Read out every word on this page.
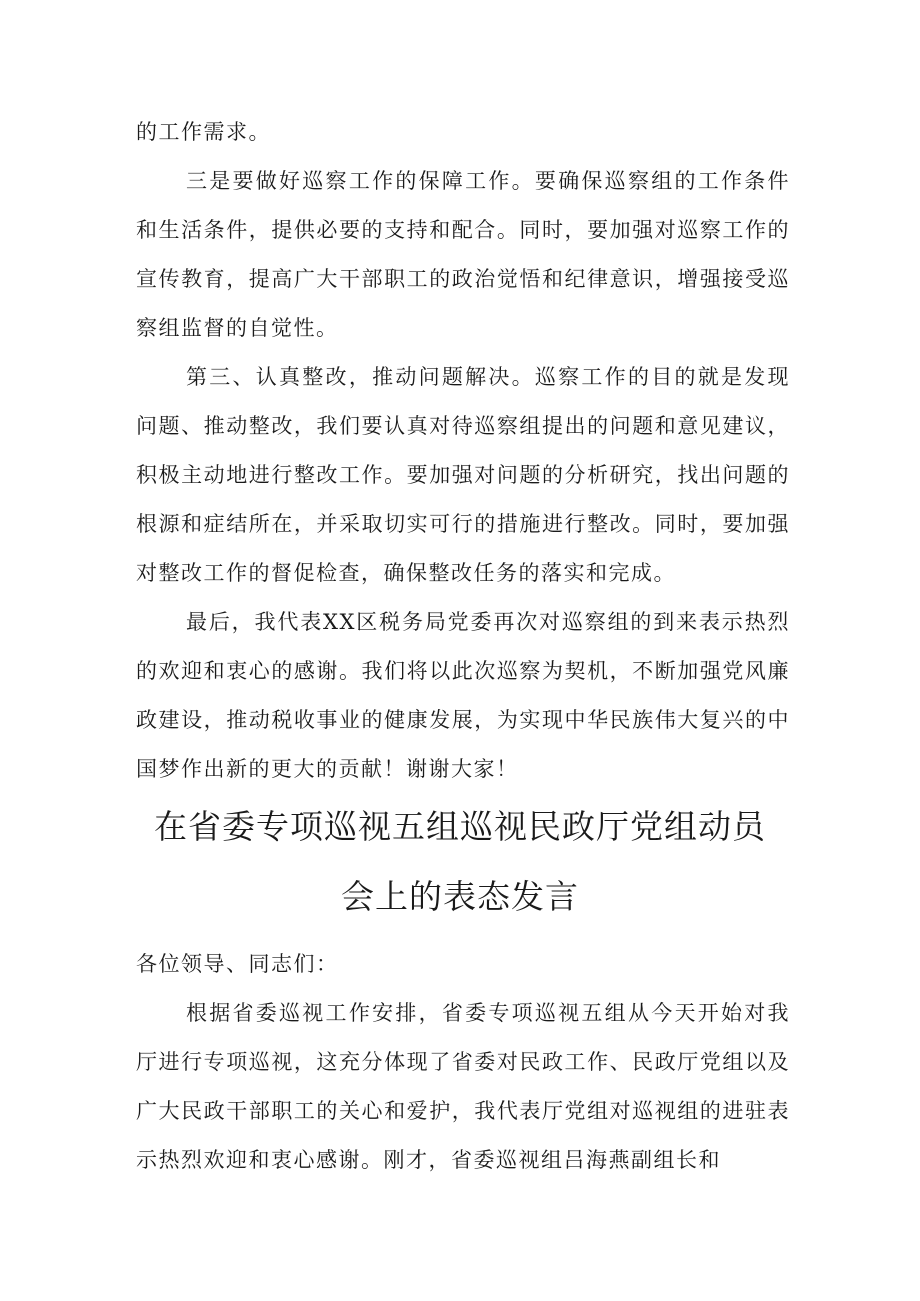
的工作需求。

三是要做好巡察工作的保障工作。要确保巡察组的工作条件和生活条件，提供必要的支持和配合。同时，要加强对巡察工作的宣传教育，提高广大干部职工的政治觉悟和纪律意识，增强接受巡察组监督的自觉性。

第三、认真整改，推动问题解决。巡察工作的目的就是发现问题、推动整改，我们要认真对待巡察组提出的问题和意见建议，积极主动地进行整改工作。要加强对问题的分析研究，找出问题的根源和症结所在，并采取切实可行的措施进行整改。同时，要加强对整改工作的督促检查，确保整改任务的落实和完成。

最后，我代表XX区税务局党委再次对巡察组的到来表示热烈的欢迎和衷心的感谢。我们将以此次巡察为契机，不断加强党风廉政建设，推动税收事业的健康发展，为实现中华民族伟大复兴的中国梦作出新的更大的贡献！谢谢大家！

在省委专项巡视五组巡视民政厅党组动员
会上的表态发言

各位领导、同志们：

根据省委巡视工作安排，省委专项巡视五组从今天开始对我厅进行专项巡视，这充分体现了省委对民政工作、民政厅党组以及广大民政干部职工的关心和爱护，我代表厅党组对巡视组的进驻表示热烈欢迎和衷心感谢。刚才，省委巡视组吕海燕副组长和
